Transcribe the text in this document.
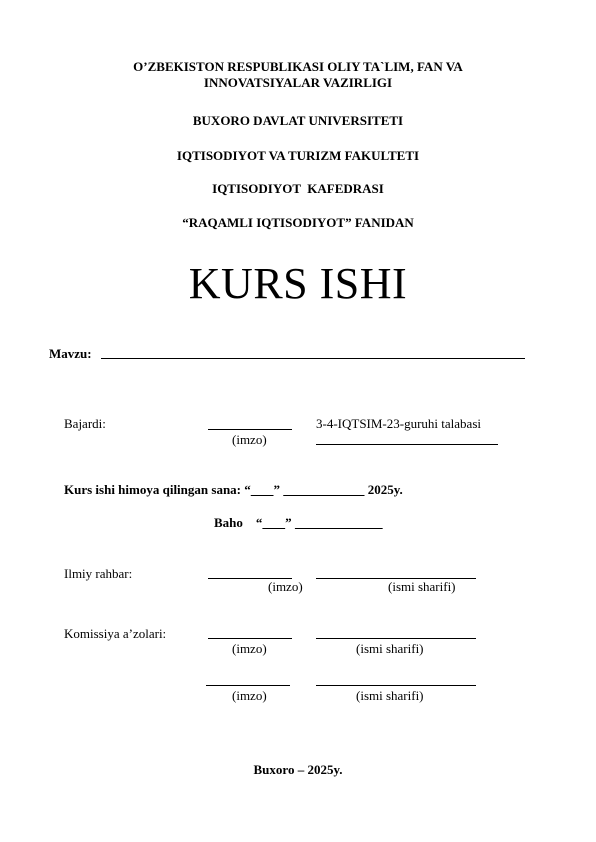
O’ZBEKISTON RESPUBLIKASI OLIY TA`LIM, FAN VA
INNOVATSIYALAR VAZIRLIGI
BUXORO DAVLAT UNIVERSITETI
IQTISODIYOT VA TURIZM FAKULTETI
IQTISODIYOT  KAFEDRASI
“RAQAMLI IQTISODIYOT” FANIDAN
KURS ISHI
Mavzu:
Bajardi:
(imzo)
3-4-IQTSIM-23-guruhi talabasi
Kurs ishi himoya qilingan sana: “ ”	2025y.
Baho    “ ”
Ilmiy rahbar:
(imzo)	(ismi sharifi)
Komissiya a’zolari:
(imzo)	(ismi sharifi)
(imzo)	(ismi sharifi)
Buxoro – 2025y.
